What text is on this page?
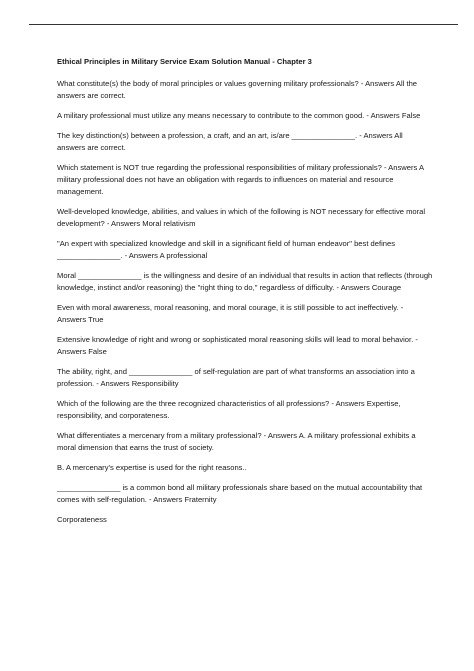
Ethical Principles in Military Service Exam Solution Manual - Chapter 3
What constitute(s) the body of moral principles or values governing military professionals? - Answers All the answers are correct.
A military professional must utilize any means necessary to contribute to the common good. - Answers False
The key distinction(s) between a profession, a craft, and an art, is/are _______________. - Answers All answers are correct.
Which statement is NOT true regarding the professional responsibilities of military professionals? - Answers A military professional does not have an obligation with regards to influences on material and resource management.
Well-developed knowledge, abilities, and values in which of the following is NOT necessary for effective moral development? - Answers Moral relativism
"An expert with specialized knowledge and skill in a significant field of human endeavor" best defines _______________. - Answers A professional
Moral _______________ is the willingness and desire of an individual that results in action that reflects (through knowledge, instinct and/or reasoning) the "right thing to do," regardless of difficulty. - Answers Courage
Even with moral awareness, moral reasoning, and moral courage, it is still possible to act ineffectively. - Answers True
Extensive knowledge of right and wrong or sophisticated moral reasoning skills will lead to moral behavior. - Answers False
The ability, right, and _______________ of self-regulation are part of what transforms an association into a profession. - Answers Responsibility
Which of the following are the three recognized characteristics of all professions? - Answers Expertise, responsibility, and corporateness.
What differentiates a mercenary from a military professional? - Answers A. A military professional exhibits a moral dimension that earns the trust of society.
B. A mercenary's expertise is used for the right reasons..
_______________ is a common bond all military professionals share based on the mutual accountability that comes with self-regulation. - Answers Fraternity
Corporateness
